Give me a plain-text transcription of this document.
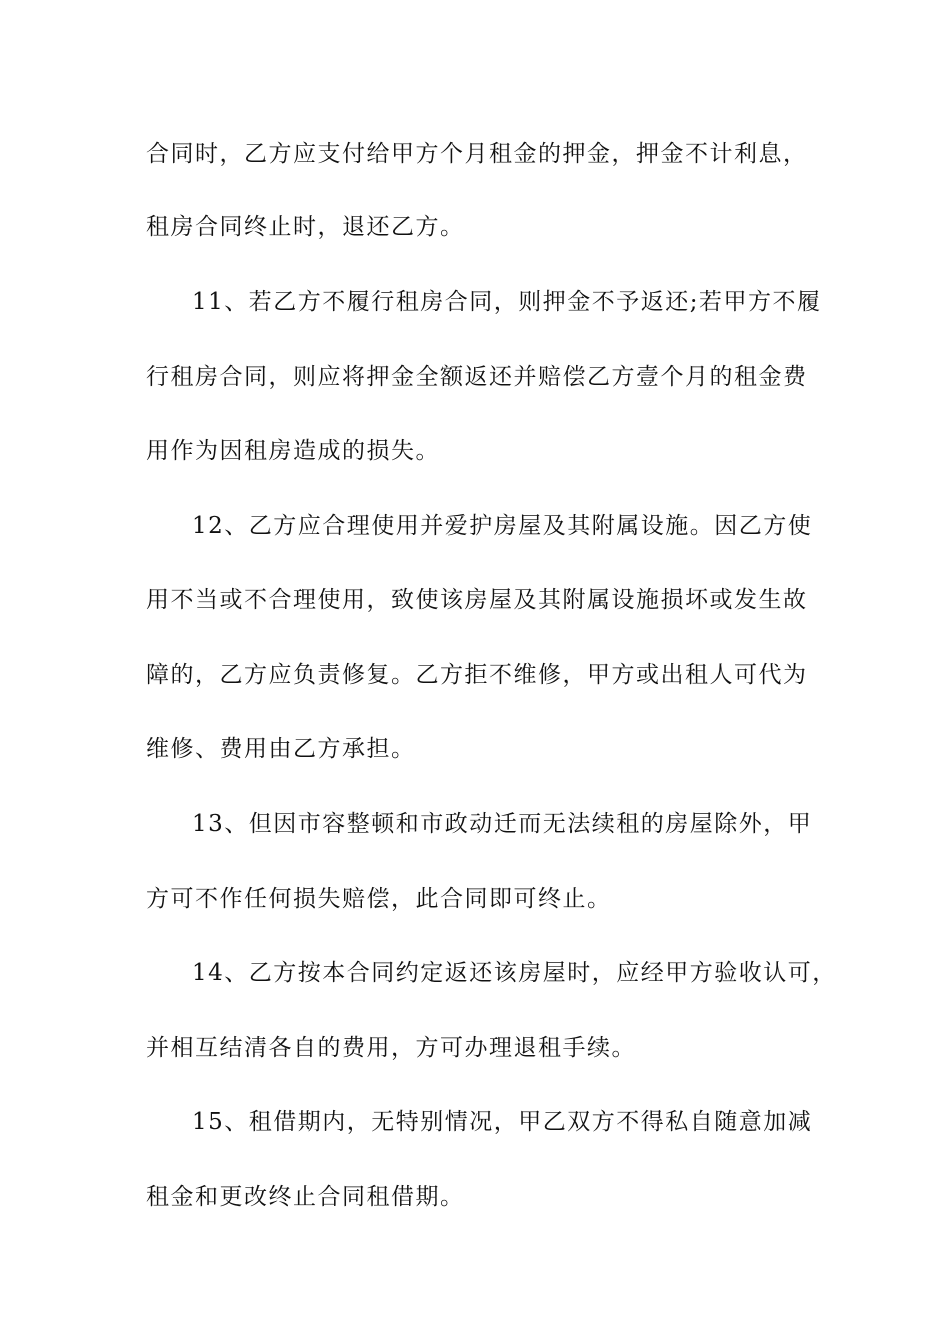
合同时，乙方应支付给甲方个月租金的押金，押金不计利息，
租房合同终止时，退还乙方。
11、若乙方不履行租房合同，则押金不予返还;若甲方不履
行租房合同，则应将押金全额返还并赔偿乙方壹个月的租金费
用作为因租房造成的损失。
12、乙方应合理使用并爱护房屋及其附属设施。因乙方使
用不当或不合理使用，致使该房屋及其附属设施损坏或发生故
障的，乙方应负责修复。乙方拒不维修，甲方或出租人可代为
维修、费用由乙方承担。
13、但因市容整顿和市政动迁而无法续租的房屋除外，甲
方可不作任何损失赔偿，此合同即可终止。
14、乙方按本合同约定返还该房屋时，应经甲方验收认可，
并相互结清各自的费用，方可办理退租手续。
15、租借期内，无特别情况，甲乙双方不得私自随意加减
租金和更改终止合同租借期。
